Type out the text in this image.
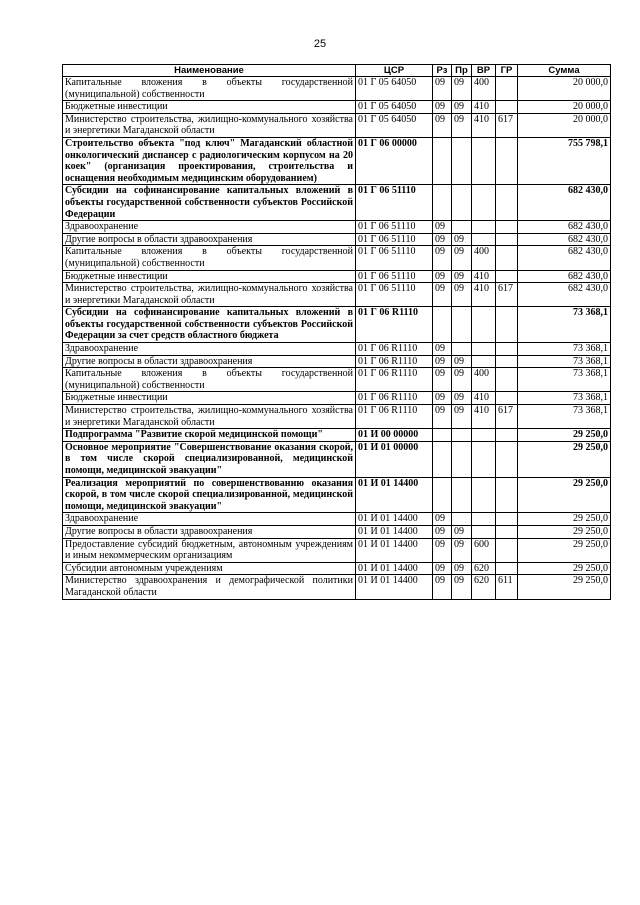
25
Наименование	ЦСР	Рз	Пр	ВР	ГР	Сумма
Капитальные вложения в объекты государственной (муниципальной) собственности	01 Г 05 64050	09	09	400		20 000,0
Бюджетные инвестиции	01 Г 05 64050	09	09	410		20 000,0
Министерство строительства, жилищно-коммунального хозяйства и энергетики Магаданской области	01 Г 05 64050	09	09	410	617	20 000,0
Строительство объекта "под ключ" Магаданский областной онкологический диспансер с радиологическим корпусом на 20 коек" (организация проектирования, строительства и оснащения необходимым медицинским оборудованием)	01 Г 06 00000					755 798,1
Субсидии на софинансирование капитальных вложений в объекты государственной собственности субъектов Российской Федерации	01 Г 06 51110					682 430,0
Здравоохранение	01 Г 06 51110	09				682 430,0
Другие вопросы в области здравоохранения	01 Г 06 51110	09	09			682 430,0
Капитальные вложения в объекты государственной (муниципальной) собственности	01 Г 06 51110	09	09	400		682 430,0
Бюджетные инвестиции	01 Г 06 51110	09	09	410		682 430,0
Министерство строительства, жилищно-коммунального хозяйства и энергетики Магаданской области	01 Г 06 51110	09	09	410	617	682 430,0
Субсидии на софинансирование капитальных вложений в объекты государственной собственности субъектов Российской Федерации за счет средств областного бюджета	01 Г 06 R1110					73 368,1
Здравоохранение	01 Г 06 R1110	09				73 368,1
Другие вопросы в области здравоохранения	01 Г 06 R1110	09	09			73 368,1
Капитальные вложения в объекты государственной (муниципальной) собственности	01 Г 06 R1110	09	09	400		73 368,1
Бюджетные инвестиции	01 Г 06 R1110	09	09	410		73 368,1
Министерство строительства, жилищно-коммунального хозяйства и энергетики Магаданской области	01 Г 06 R1110	09	09	410	617	73 368,1
Подпрограмма "Развитие скорой медицинской помощи"	01 И 00 00000					29 250,0
Основное мероприятие "Совершенствование оказания скорой, в том числе скорой специализированной, медицинской помощи, медицинской эвакуации"	01 И 01 00000					29 250,0
Реализация мероприятий по совершенствованию оказания скорой, в том числе скорой специализированной, медицинской помощи, медицинской эвакуации"	01 И 01 14400					29 250,0
Здравоохранение	01 И 01 14400	09				29 250,0
Другие вопросы в области здравоохранения	01 И 01 14400	09	09			29 250,0
Предоставление субсидий бюджетным, автономным учреждениям и иным некоммерческим организациям	01 И 01 14400	09	09	600		29 250,0
Субсидии автономным учреждениям	01 И 01 14400	09	09	620		29 250,0
Министерство здравоохранения и демографической политики Магаданской области	01 И 01 14400	09	09	620	611	29 250,0
